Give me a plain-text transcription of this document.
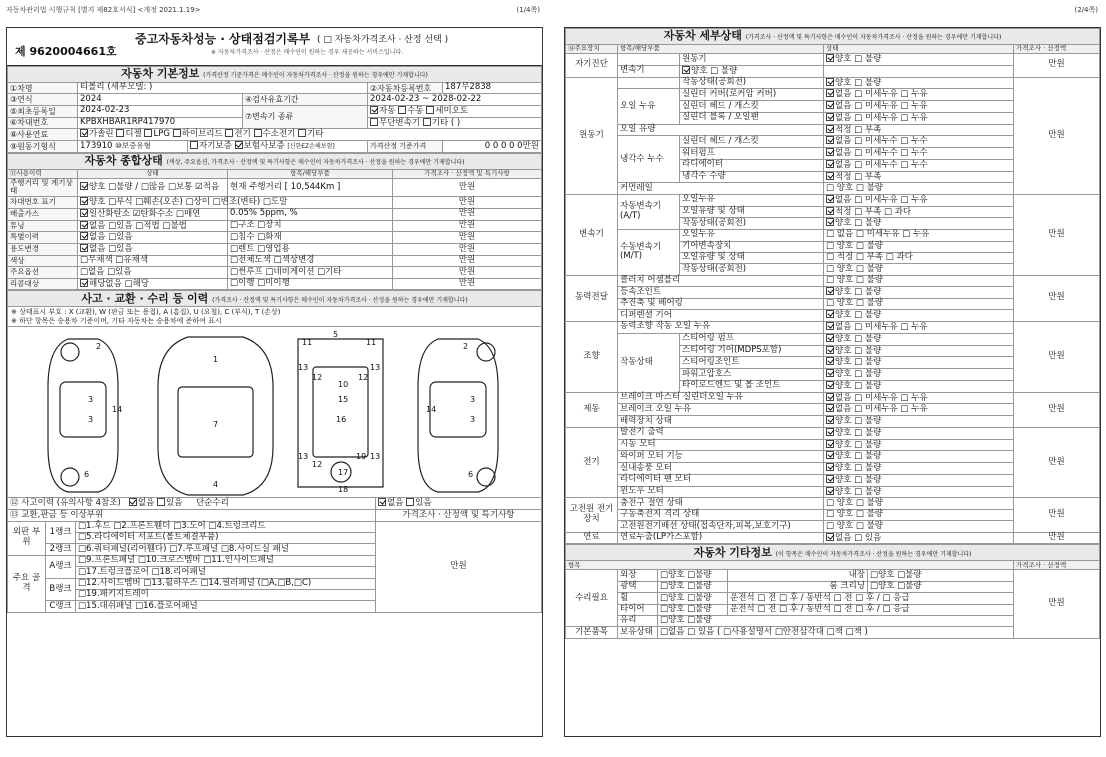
자동차관리법 시행규칙 [별지 제82호서식] <개정 2021.1.19>	(1/4쪽)
제 9620004661호
중고자동차성능 · 상태점검기록부 ( □ 자동차가격조사 · 산정 선택 )
※ 자동차가격조사 · 산정은 매수인이 원하는 경우 제공하는 서비스입니다.
자동차 기본정보 (가격산정 기준가격은 매수인이 자동차가격조사 · 산정을 원하는 경우에만 기재합니다)					
①차명	티볼리 (세부모델: )			②자동차등록번호	187무2838
③연식	2024		④검사유효기간	2024-02-23 ~ 2028-02-22	
⑤최초등록일	2024-02-23		⑦변속기 종류	자동 수동 세미오토	
⑥차대번호	KPBXHBAR1RP417970			무단변속기 기타 ( )	
⑧사용연료	가솔린 디젤 LPG 하이브리드 전기 수소전기 기타				
⑨원동기형식	173910 ⑩보증유형	자기보증 보험사보증 [신한EZ손해보험]		가격산정 기준가격	0 0 0 0 0만원
자동차 종합상태 (색상, 주요옵션, 가격조사 · 산정액 및 특기사항은 매수인이 자동차가격조사 · 산정을 원하는 경우에만 기재합니다)			
⑪사용이력	상태	항목/해당부품	가격조사 · 산정액 및 특기사항
주행거리 및 계기상태	양호 □불량 / □많음 □보통 ☑적음	현재 주행거리 [ 10,544Km ]	만원
차대번호 표기	양호 □부식 □훼손(오손) □상이 □변조(변타) □도말		만원
배출가스	일산화탄소 ☑탄화수소 □매연	0.05% 5ppm, %	만원
튜닝	없음 □있음 □적법 □불법	□구조 □장치	만원
특별이력	없음 □있음	□침수 □화재	만원
용도변경	없음 □있음	□렌트 □영업용	만원
색상	□무채색 □유채색	□전체도색 □색상변경	만원
주요옵션	□없음 □있음	□썬루프 □네비게이션 □기타	만원
리콜대상	해당없음 □해당	□이행 □미이행	만원
사고 · 교환 · 수리 등 이력 (가격조사 · 산정액 및 특기사항은 매수인이 자동차가격조사 · 산정을 원하는 경우에만 기재합니다)
※ 상태표시 부호 : X (교환), W (판금 또는 용접), A (흠집), U (요철), C (부식), T (손상)
※ 하단 항목은 승용차 기준이며, 기타 자동차는 승용차에 준하여 표시
2
3
3
14
6
1
7
4
11
5
11
13
12	12
13
10
15
16
13
12
19 13
17
18
2
3
3
14
6
⑫ 사고이력 (유의사항 4참조) 없음 있음 단순수리			없음 있음
⑬ 교환,판금 등 이상부위			가격조사 · 산정액 및 특기사항
외판 부위	1랭크	□1.후드 □2.프론트휀더 □3.도어 □4.트렁크리드	만원
		□5.라디에이터 서포트(볼트체결부품)	
	2랭크	□6.쿼터패널(리어휀다) □7.루프패널 □8.사이드실 패널	
주요 골격	A랭크	□9.프론트패널 □10.크로스멤버 □11.인사이드패널	
		□17.트렁크플로어 □18.리어패널	
	B랭크	□12.사이드멤버 □13.휠하우스 □14.필러패널 (□A,□B,□C)	
		□19.패키지트레이	
	C랭크	□15.대쉬패널 □16.플로어패널	
(2/4쪽)
자동차 세부상태 (가격조사 · 산정액 및 특기사항은 매수인이 자동차가격조사 · 산정을 원하는 경우에만 기재합니다)				
⑭주요장치	항목/해당부품		상태	가격조사 · 산정액
자기진단		원동기	양호 □ 불량	만원
	변속기	양호 □ 불량		
원동기		작동상태(공회전)	양호 □ 불량	만원
	오일 누유	실린더 커버(로커암 커버)	없음 □ 미세누유 □ 누유	
		실린더 헤드 / 개스킷	없음 □ 미세누유 □ 누유	
		실린더 블록 / 오일팬	없음 □ 미세누유 □ 누유	
	오일 유량		적정 □ 부족	
	냉각수 누수	실린더 헤드 / 개스킷	없음 □ 미세누수 □ 누수	
		워터펌프	없음 □ 미세누수 □ 누수	
		라디에이터	없음 □ 미세누수 □ 누수	
		냉각수 수량	적정 □ 부족	
	커먼레일		□ 양호 □ 불량	
변속기	자동변속기 (A/T)	오일누유	없음 □ 미세누유 □ 누유	만원
		오일유량 및 상태	적정 □ 부족 □ 과다	
		작동상태(공회전)	양호 □ 불량	
	수동변속기 (M/T)	오일누유	□ 없음 □ 미세누유 □ 누유	
		기어변속장치	□ 양호 □ 불량	
		오일유량 및 상태	□ 적정 □ 부족 □ 과다	
		작동상태(공회전)	□ 양호 □ 불량	
동력전달	클러치 어셈블리		□ 양호 □ 불량	만원
	등속조인트		양호 □ 불량	
	추진축 및 베어링		□ 양호 □ 불량	
	디퍼렌셜 기어		양호 □ 불량	
조향	동력조향 작동 오일 누유		없음 □ 미세누유 □ 누유	만원
	작동상태	스티어링 펌프	양호 □ 불량	
		스티어링 기어(MDPS포함)	양호 □ 불량	
		스티어링조인트	양호 □ 불량	
		파워고압호스	양호 □ 불량	
		타이로드엔드 및 볼 조인트	양호 □ 불량	
제동	브레이크 마스터 실린더오일 누유		없음 □ 미세누유 □ 누유	만원
	브레이크 오일 누유		없음 □ 미세누유 □ 누유	
	배력장치 상태		양호 □ 불량	
전기	발전기 출력		양호 □ 불량	만원
	시동 모터		양호 □ 불량	
	와이퍼 모터 기능		양호 □ 불량	
	실내송풍 모터		양호 □ 불량	
	라디에이터 팬 모터		양호 □ 불량	
	윈도우 모터		양호 □ 불량	
고전원 전기장치	충전구 절연 상태		□ 양호 □ 불량	만원
	구동축전지 격리 상태		□ 양호 □ 불량	
	고전원전기배선 상태(접속단자,피복,보호기구)		□ 양호 □ 불량	
연료	연료누출(LP가스포함)		없음 □ 있음	만원
자동차 기타정보 (이 항목은 매수인이 자동차가격조사 · 산정을 원하는 경우에만 기재합니다)					
항목					가격조사 · 산정액
수리필요	외장	□양호 □불량	내장	□양호 □불량	만원
	광택	□양호 □불량	룸 크리닝	□양호 □불량	
	휠	□양호 □불량	운전석 □ 전 □ 후 / 동반석 □ 전 □ 후 / □ 응급		
	타이어	□양호 □불량	운전석 □ 전 □ 후 / 동반석 □ 전 □ 후 / □ 응급		
	유리	□양호 □불량			
기본품목	보유상태	□없음 □ 있음 ( □사용설명서 □안전삼각대 □잭 □잭 )			
